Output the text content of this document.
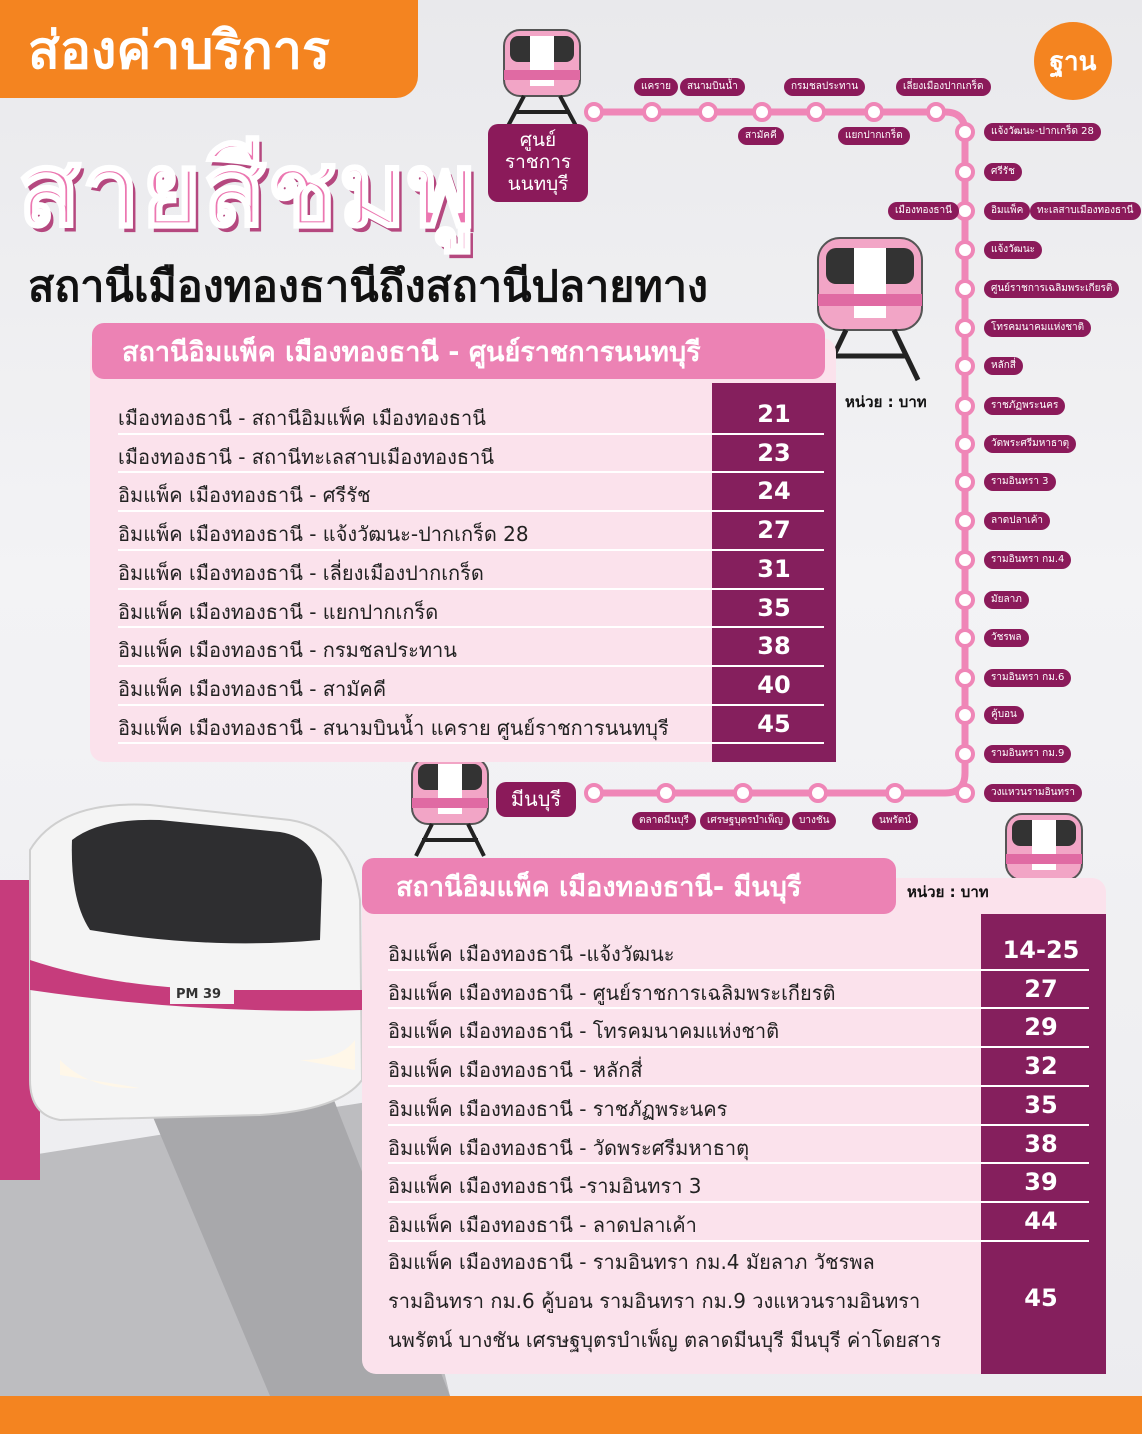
ส่องค่าบริการ
สายสีชมพู
สถานีเมืองทองธานีถึงสถานีปลายทาง
ฐาน
PM 39
แคราย	สนามบินน้ำ	กรมชลประทาน	เลี่ยงเมืองปากเกร็ด
สามัคคี	แยกปากเกร็ด	แจ้งวัฒนะ-ปากเกร็ด 28
ศรีรัช
อิมแพ็ค
แจ้งวัฒนะ
ศูนย์ราชการเฉลิมพระเกียรติ
โทรคมนาคมแห่งชาติ
หลักสี่
ราชภัฏพระนคร
วัดพระศรีมหาธาตุ
รามอินทรา 3
ลาดปลาเค้า
รามอินทรา กม.4
มัยลาภ
วัชรพล
รามอินทรา กม.6
คู้บอน
รามอินทรา กม.9
วงแหวนรามอินทรา
เมืองทองธานี	ทะเลสาบเมืองทองธานี
ตลาดมีนบุรี	เศรษฐบุตรบำเพ็ญ	บางชัน	นพรัตน์
ศูนย์ราชการ นนทบุรี
มีนบุรี
สถานีอิมแพ็ค เมืองทองธานี - ศูนย์ราชการนนทบุรี
หน่วย : บาท
เมืองทองธานี - สถานีอิมแพ็ค เมืองทองธานี	21
เมืองทองธานี - สถานีทะเลสาบเมืองทองธานี	23
อิมแพ็ค เมืองทองธานี - ศรีรัช	24
อิมแพ็ค เมืองทองธานี - แจ้งวัฒนะ-ปากเกร็ด 28	27
อิมแพ็ค เมืองทองธานี - เลี่ยงเมืองปากเกร็ด	31
อิมแพ็ค เมืองทองธานี - แยกปากเกร็ด	35
อิมแพ็ค เมืองทองธานี - กรมชลประทาน	38
อิมแพ็ค เมืองทองธานี - สามัคคี	40
อิมแพ็ค เมืองทองธานี - สนามบินน้ำ แคราย ศูนย์ราชการนนทบุรี	45
สถานีอิมแพ็ค เมืองทองธานี- มีนบุรี	หน่วย : บาท
อิมแพ็ค เมืองทองธานี -แจ้งวัฒนะ	14-25
อิมแพ็ค เมืองทองธานี - ศูนย์ราชการเฉลิมพระเกียรติ	27
อิมแพ็ค เมืองทองธานี - โทรคมนาคมแห่งชาติ	29
อิมแพ็ค เมืองทองธานี - หลักสี่	32
อิมแพ็ค เมืองทองธานี - ราชภัฏพระนคร	35
อิมแพ็ค เมืองทองธานี - วัดพระศรีมหาธาตุ	38
อิมแพ็ค เมืองทองธานี -รามอินทรา 3	39
อิมแพ็ค เมืองทองธานี - ลาดปลาเค้า	44
อิมแพ็ค เมืองทองธานี - รามอินทรา กม.4 มัยลาภ วัชรพล
รามอินทรา กม.6 คู้บอน รามอินทรา กม.9 วงแหวนรามอินทรา
นพรัตน์ บางชัน เศรษฐบุตรบำเพ็ญ ตลาดมีนบุรี มีนบุรี ค่าโดยสาร
45
